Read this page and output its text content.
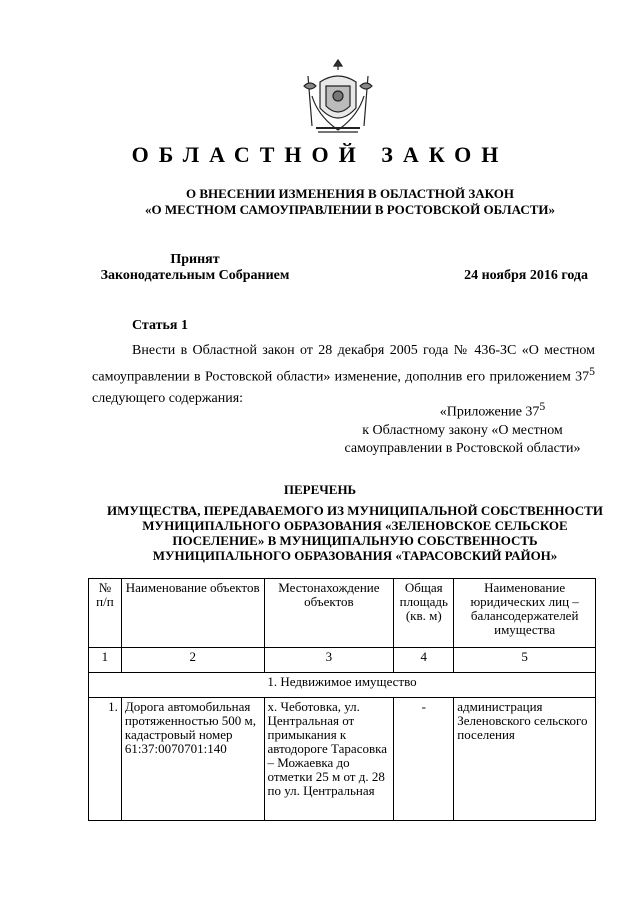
ОБЛАСТНОЙ ЗАКОН
О ВНЕСЕНИИ ИЗМЕНЕНИЯ В ОБЛАСТНОЙ ЗАКОН
«О МЕСТНОМ САМОУПРАВЛЕНИИ В РОСТОВСКОЙ ОБЛАСТИ»
Принят
Законодательным Собранием	24 ноября 2016 года
Статья 1
Внести в Областной закон от 28 декабря 2005 года № 436-ЗС «О местном самоуправлении в Ростовской области» изменение, дополнив его приложением $37^5$ следующего содержания:
«Приложение $37^5$
к Областному закону «О местном
самоуправлении в Ростовской области»
ПЕРЕЧЕНЬ
ИМУЩЕСТВА, ПЕРЕДАВАЕМОГО ИЗ МУНИЦИПАЛЬНОЙ СОБСТВЕННОСТИ
МУНИЦИПАЛЬНОГО ОБРАЗОВАНИЯ «ЗЕЛЕНОВСКОЕ СЕЛЬСКОЕ
ПОСЕЛЕНИЕ» В МУНИЦИПАЛЬНУЮ СОБСТВЕННОСТЬ
МУНИЦИПАЛЬНОГО ОБРАЗОВАНИЯ «ТАРАСОВСКИЙ РАЙОН»
№ п/п	Наименование объектов	Местонахождение объектов	Общая площадь (кв. м)	Наименование юридических лиц – балансодержателей имущества
1	2	3	4	5
1. Недвижимое имущество				
1.	Дорога автомобильная протяженностью 500 м, кадастровый номер 61:37:0070701:140	х. Чеботовка, ул. Центральная от примыкания к автодороге Тарасовка – Можаевка до отметки 25 м от д. 28 по ул. Центральная	-	администрация Зеленовского сельского поселения
